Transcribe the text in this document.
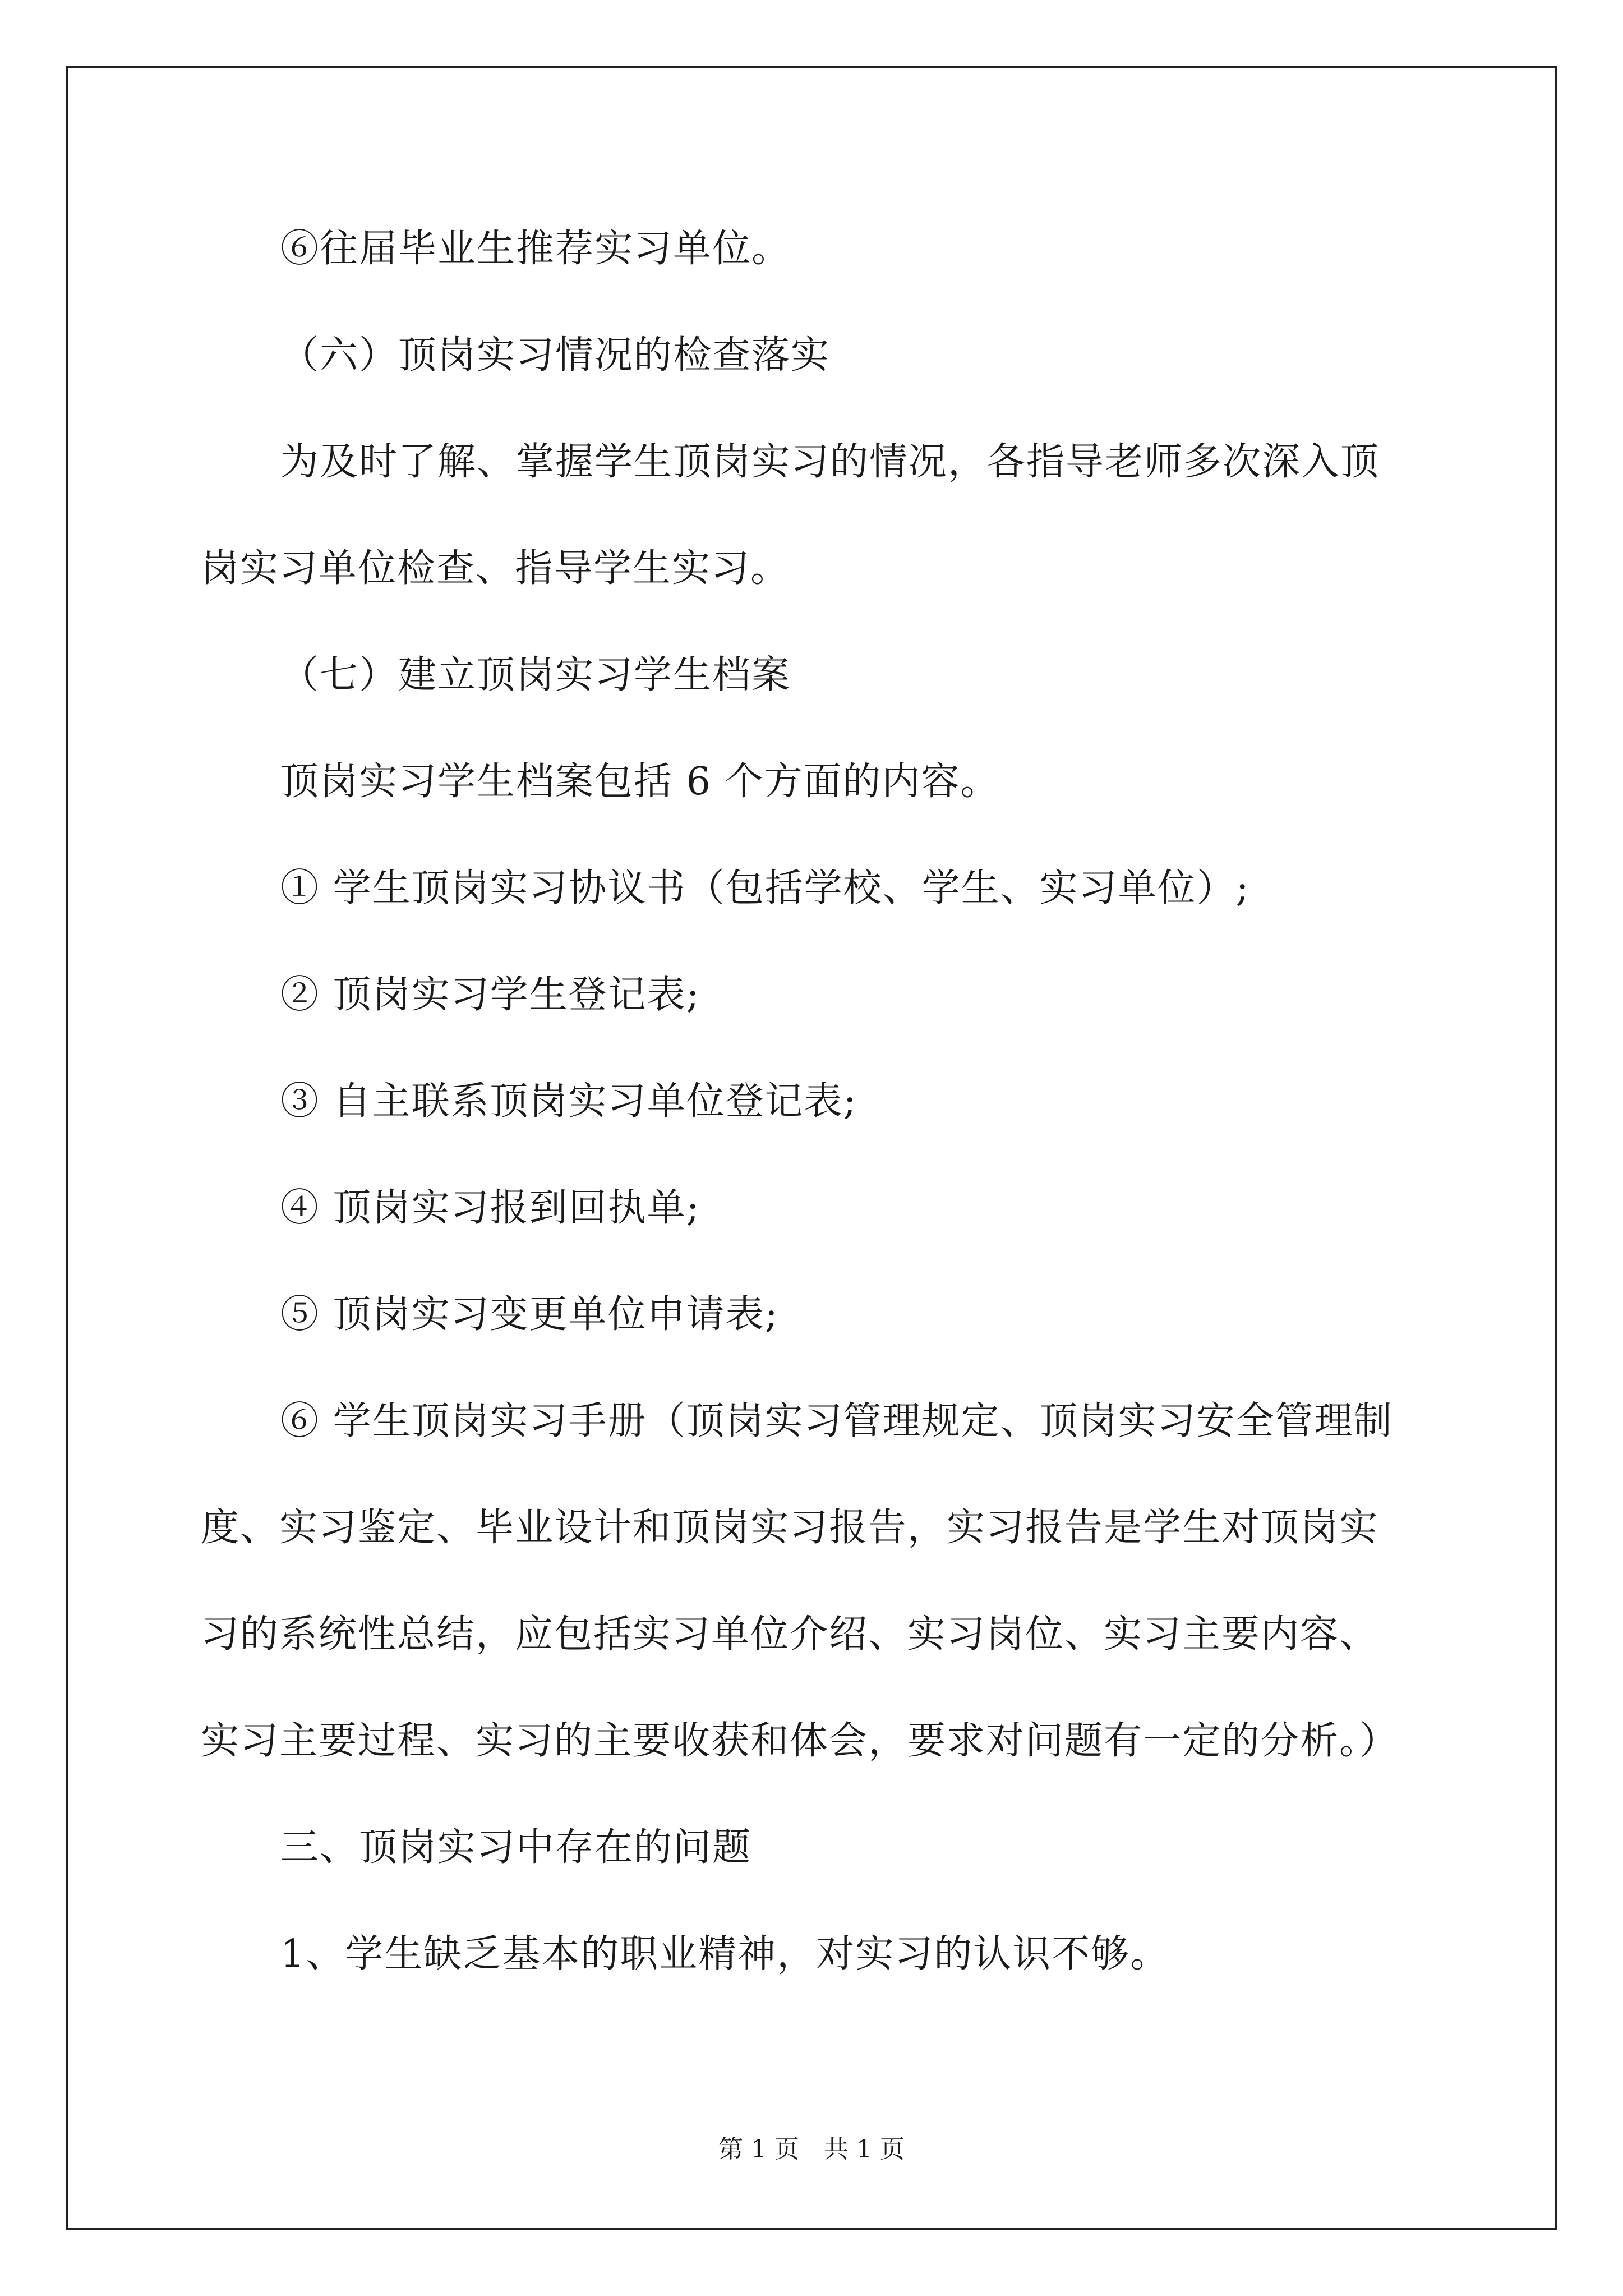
⑥往届毕业生推荐实习单位。
（六）顶岗实习情况的检查落实
为及时了解、掌握学生顶岗实习的情况，各指导老师多次深入顶
岗实习单位检查、指导学生实习。
（七）建立顶岗实习学生档案
顶岗实习学生档案包括 6 个方面的内容。
① 学生顶岗实习协议书（包括学校、学生、实习单位）;
② 顶岗实习学生登记表;
③ 自主联系顶岗实习单位登记表;
④ 顶岗实习报到回执单;
⑤ 顶岗实习变更单位申请表;
⑥ 学生顶岗实习手册（顶岗实习管理规定、顶岗实习安全管理制
度、实习鉴定、毕业设计和顶岗实习报告，实习报告是学生对顶岗实
习的系统性总结，应包括实习单位介绍、实习岗位、实习主要内容、
实习主要过程、实习的主要收获和体会，要求对问题有一定的分析。）
三、顶岗实习中存在的问题
1、学生缺乏基本的职业精神，对实习的认识不够。
第 1 页　共 1 页
